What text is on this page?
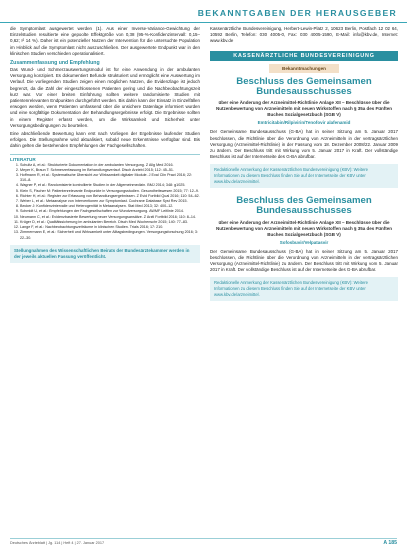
BEKANNTGABEN DER HERAUSGEBER

die Symptomlast ausgewertet werden (1). Aus einer Inverse-Variance-Gewichtung der Einzelstudien resultierte eine gepoolte Effektgröße von 0,38 (95-%-Konfidenzintervall: 0,15–0,62; I² 14 %). Daher ist ein potenzieller Nutzen der Intervention für die untersuchte Population im Hinblick auf die Symptomlast nicht auszuschließen. Der ausgewertete Endpunkt war in den klinischen Studien verschieden operationalisiert.

Zusammenfassung und Empfehlung

Das Wund- und Schmerzauswertungsmodul ist für eine Anwendung in der ambulanten Versorgung konzipiert. Es dokumentiert Befunde strukturiert und ermöglicht eine Auswertung im Verlauf. Die vorliegenden Studien zeigen einen möglichen Nutzen, die Evidenzlage ist jedoch begrenzt, da die Zahl der eingeschlossenen Patienten gering und die Nachbeobachtungszeit kurz war. Vor einer breiten Einführung sollten weitere randomisierte Studien mit patientenrelevanten Endpunkten durchgeführt werden. Bis dahin kann der Einsatz in Einzelfällen erwogen werden, wenn Patienten umfassend über die unsichere Datenlage informiert wurden und eine sorgfältige Dokumentation der Behandlungsergebnisse erfolgt. Die Ergebnisse sollten in einem Register erfasst werden, um die Wirksamkeit und Sicherheit unter Versorgungsbedingungen zu beurteilen.

Eine abschließende Bewertung kann erst nach Vorliegen der Ergebnisse laufender Studien erfolgen. Die Stellungnahme wird aktualisiert, sobald neue Erkenntnisse verfügbar sind. Bis dahin gelten die bestehenden Empfehlungen der Fachgesellschaften.

LITERATUR
1. Schultz A, et al.: Strukturierte Dokumentation in der ambulanten Versorgung. Z Allg Med 2016.
2. Meyer K, Braun T: Schmerzerfassung im Behandlungsverlauf. Dtsch Arztebl 2015; 112: 45–51.
3. Hoffmann R, et al.: Systematische Übersicht zur Wirksamkeit digitaler Module. J Eval Clin Pract 2016; 22: 310–8.
4. Wagner P, et al.: Randomisierte kontrollierte Studien in der Allgemeinmedizin. BMJ 2014; 348: g1025.
5. Klein S, Fischer M: Patientenrelevante Endpunkte in Versorgungsstudien. Gesundheitswesen 2015; 77: 12–9.
6. Richter H, et al.: Register zur Erfassung von Behandlungsergebnissen. Z Evid Fortbild Qual 2016; 110: 54–62.
7. Weber L, et al.: Metaanalyse von Interventionen zur Symptomlast. Cochrane Database Syst Rev 2015.
8. Becker J: Konfidenzintervalle und Heterogenität in Metaanalysen. Stat Med 2013; 32: 400–12.
9. Schmidt U, et al.: Empfehlungen der Fachgesellschaften zur Wundversorgung. AWMF Leitlinie 2014.
10. Neumann C, et al.: Evidenzbasierte Bewertung neuer Versorgungsansätze. Z Arztl Fortbild 2016; 110: 8–14.
11. Krüger D, et al.: Qualitätssicherung im ambulanten Bereich. Dtsch Med Wochenschr 2015; 140: 77–83.
12. Lange F, et al.: Nachbeobachtungszeiträume in klinischen Studien. Trials 2016; 17: 210.
13. Zimmermann E, et al.: Sicherheit und Wirksamkeit unter Alltagsbedingungen. Versorgungsforschung 2016; 3: 22–30.
Stellungnahmen des Wissenschaftlichen Beirats der Bundesärztekammer werden in der jeweils aktuellen Fassung veröffentlicht.

Kassenärztliche Bundesvereinigung, Herbert-Lewin-Platz 2, 10623 Berlin, Postfach 12 02 64, 10592 Berlin, Telefon: 030 4005-0, Fax: 030 4005-1590, E-Mail: info@kbv.de, Internet: www.kbv.de

KASSENÄRZTLICHE BUNDESVEREINIGUNG
Bekanntmachungen
Beschluss des Gemeinsamen Bundesausschusses
über eine Änderung der Arzneimittel-Richtlinie Anlage XII – Beschlüsse über die Nutzenbewertung von Arzneimitteln mit neuen Wirkstoffen nach § 35a des Fünften Buches Sozialgesetzbuch (SGB V)
Emtricitabin/Rilpivirin/Tenofovir alafenamid

Der Gemeinsame Bundesausschuss (G-BA) hat in seiner Sitzung am 5. Januar 2017 beschlossen, die Richtlinie über die Verordnung von Arzneimitteln in der vertragsärztlichen Versorgung (Arzneimittel-Richtlinie) in der Fassung vom 18. Dezember 2008/22. Januar 2009 zu ändern. Der Beschluss tritt mit Wirkung vom 5. Januar 2017 in Kraft. Der vollständige Beschluss ist auf der Internetseite des G-BA abrufbar.

Redaktionelle Anmerkung der Kassenärztlichen Bundesvereinigung (KBV): Weitere Informationen zu diesem Beschluss finden Sie auf der Internetseite der KBV unter www.kbv.de/arzneimittel.
Beschluss des Gemeinsamen Bundesausschusses
über eine Änderung der Arzneimittel-Richtlinie Anlage XII – Beschlüsse über die Nutzenbewertung von Arzneimitteln mit neuen Wirkstoffen nach § 35a des Fünften Buches Sozialgesetzbuch (SGB V)
Sofosbuvir/Velpatasvir

Der Gemeinsame Bundesausschuss (G-BA) hat in seiner Sitzung am 5. Januar 2017 beschlossen, die Richtlinie über die Verordnung von Arzneimitteln in der vertragsärztlichen Versorgung (Arzneimittel-Richtlinie) zu ändern. Der Beschluss tritt mit Wirkung vom 5. Januar 2017 in Kraft. Der vollständige Beschluss ist auf der Internetseite des G-BA abrufbar.

Redaktionelle Anmerkung der Kassenärztlichen Bundesvereinigung (KBV): Weitere Informationen zu diesem Beschluss finden Sie auf der Internetseite der KBV unter www.kbv.de/arzneimittel.
Deutsches Ärzteblatt | Jg. 114 | Heft 4 | 27. Januar 2017	A 185
